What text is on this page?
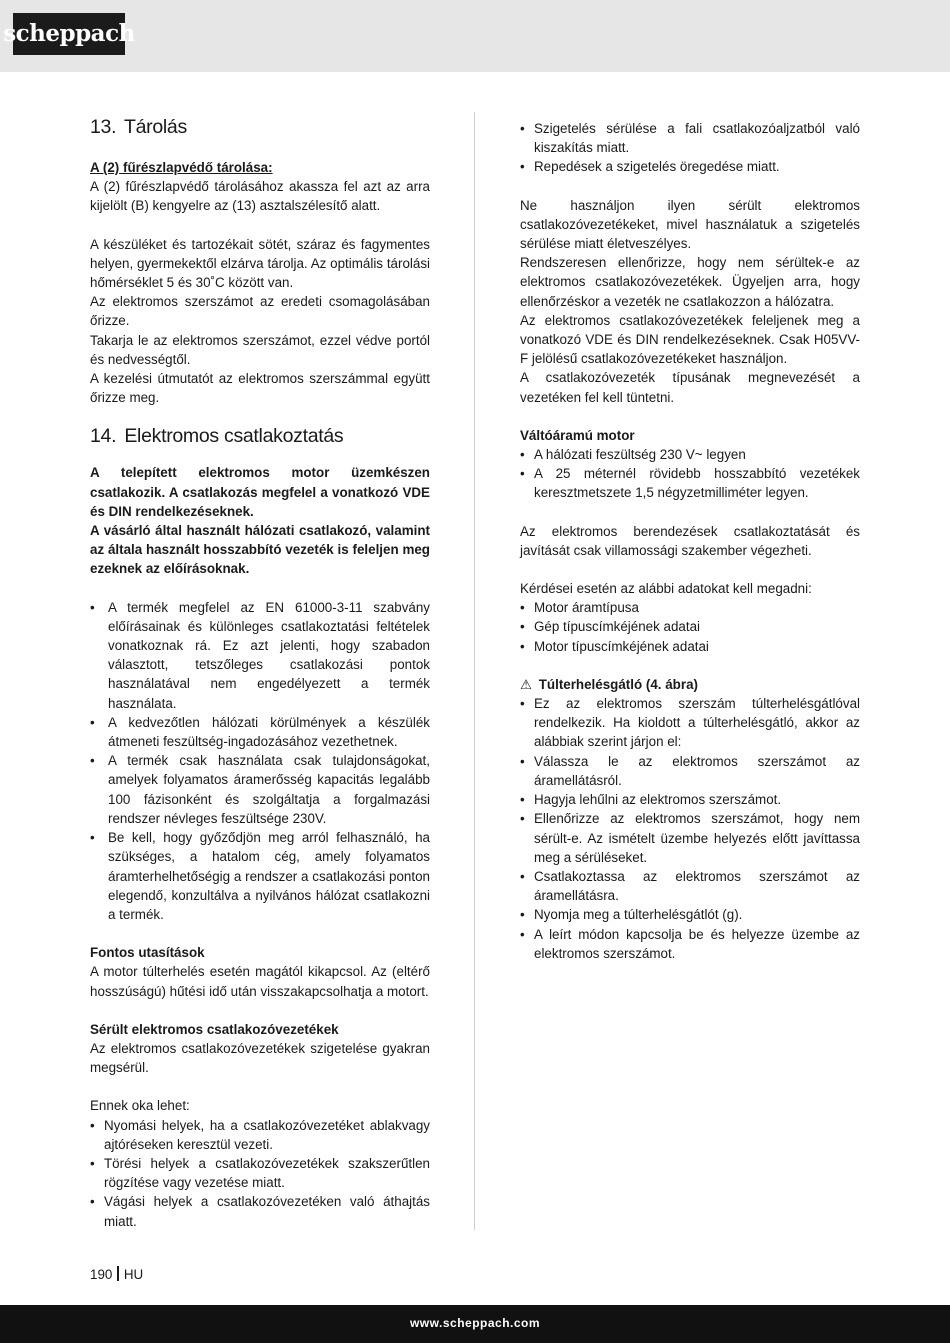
scheppach
13. Tárolás

A (2) fűrészlapvédő tárolása:

A (2) fűrészlapvédő tárolásához akassza fel azt az arra kijelölt (B) kengyelre az (13) asztalszélesítő alatt.

A készüléket és tartozékait sötét, száraz és fagymentes helyen, gyermekektől elzárva tárolja. Az optimális tárolási hőmérséklet 5 és 30˚C között van.

Az elektromos szerszámot az eredeti csomagolásában őrizze.

Takarja le az elektromos szerszámot, ezzel védve portól és nedvességtől.

A kezelési útmutatót az elektromos szerszámmal együtt őrizze meg.

14. Elektromos csatlakoztatás

A telepített elektromos motor üzemkészen csatlakozik. A csatlakozás megfelel a vonatkozó VDE és DIN rendelkezéseknek.

A vásárló által használt hálózati csatlakozó, valamint az általa használt hosszabbító vezeték is feleljen meg ezeknek az előírásoknak.

• A termék megfelel az EN 61000-3-11 szabvány előírásainak és különleges csatlakoztatási feltételek vonatkoznak rá. Ez azt jelenti, hogy szabadon választott, tetszőleges csatlakozási pontok használatával nem engedélyezett a termék használata.
• A kedvezőtlen hálózati körülmények a készülék átmeneti feszültség-ingadozásához vezethetnek.
• A termék csak használata csak tulajdonságokat, amelyek folyamatos áramerősség kapacitás legalább 100 fázisonként és szolgáltatja a forgalmazási rendszer névleges feszültsége 230V.
• Be kell, hogy győződjön meg arról felhasználó, ha szükséges, a hatalom cég, amely folyamatos áramterhelhetőségig a rendszer a csatlakozási ponton elegendő, konzultálva a nyilvános hálózat csatlakozni a termék.

Fontos utasítások

A motor túlterhelés esetén magától kikapcsol. Az (eltérő hosszúságú) hűtési idő után visszakapcsolhatja a motort.

Sérült elektromos csatlakozóvezetékek

Az elektromos csatlakozóvezetékek szigetelése gyakran megsérül.

Ennek oka lehet:

• Nyomási helyek, ha a csatlakozóvezetéket ablakvagy ajtóréseken keresztül vezeti.
• Törési helyek a csatlakozóvezetékek szakszerűtlen rögzítése vagy vezetése miatt.
• Vágási helyek a csatlakozóvezetéken való áthajtás miatt.
• Szigetelés sérülése a fali csatlakozóaljzatból való kiszakítás miatt.
• Repedések a szigetelés öregedése miatt.

Ne használjon ilyen sérült elektromos csatlakozóvezetékeket, mivel használatuk a szigetelés sérülése miatt életveszélyes.

Rendszeresen ellenőrizze, hogy nem sérültek-e az elektromos csatlakozóvezetékek. Ügyeljen arra, hogy ellenőrzéskor a vezeték ne csatlakozzon a hálózatra.

Az elektromos csatlakozóvezetékek feleljenek meg a vonatkozó VDE és DIN rendelkezéseknek. Csak H05VV-F jelölésű csatlakozóvezetékeket használjon.

A csatlakozóvezeték típusának megnevezését a vezetéken fel kell tüntetni.

Váltóáramú motor

• A hálózati feszültség 230 V~ legyen
• A 25 méternél rövidebb hosszabbító vezetékek keresztmetszete 1,5 négyzetmilliméter legyen.

Az elektromos berendezések csatlakoztatását és javítását csak villamossági szakember végezheti.

Kérdései esetén az alábbi adatokat kell megadni:

• Motor áramtípusa
• Gép típuscímkéjének adatai
• Motor típuscímkéjének adatai

⚠ Túlterhelésgátló (4. ábra)

• Ez az elektromos szerszám túlterhelésgátlóval rendelkezik. Ha kioldott a túlterhelésgátló, akkor az alábbiak szerint járjon el:
• Válassza le az elektromos szerszámot az áramellátásról.
• Hagyja lehűlni az elektromos szerszámot.
• Ellenőrizze az elektromos szerszámot, hogy nem sérült-e. Az ismételt üzembe helyezés előtt javíttassa meg a sérüléseket.
• Csatlakoztassa az elektromos szerszámot az áramellátásra.
• Nyomja meg a túlterhelésgátlót (g).
• A leírt módon kapcsolja be és helyezze üzembe az elektromos szerszámot.
190 HU
www.scheppach.com
